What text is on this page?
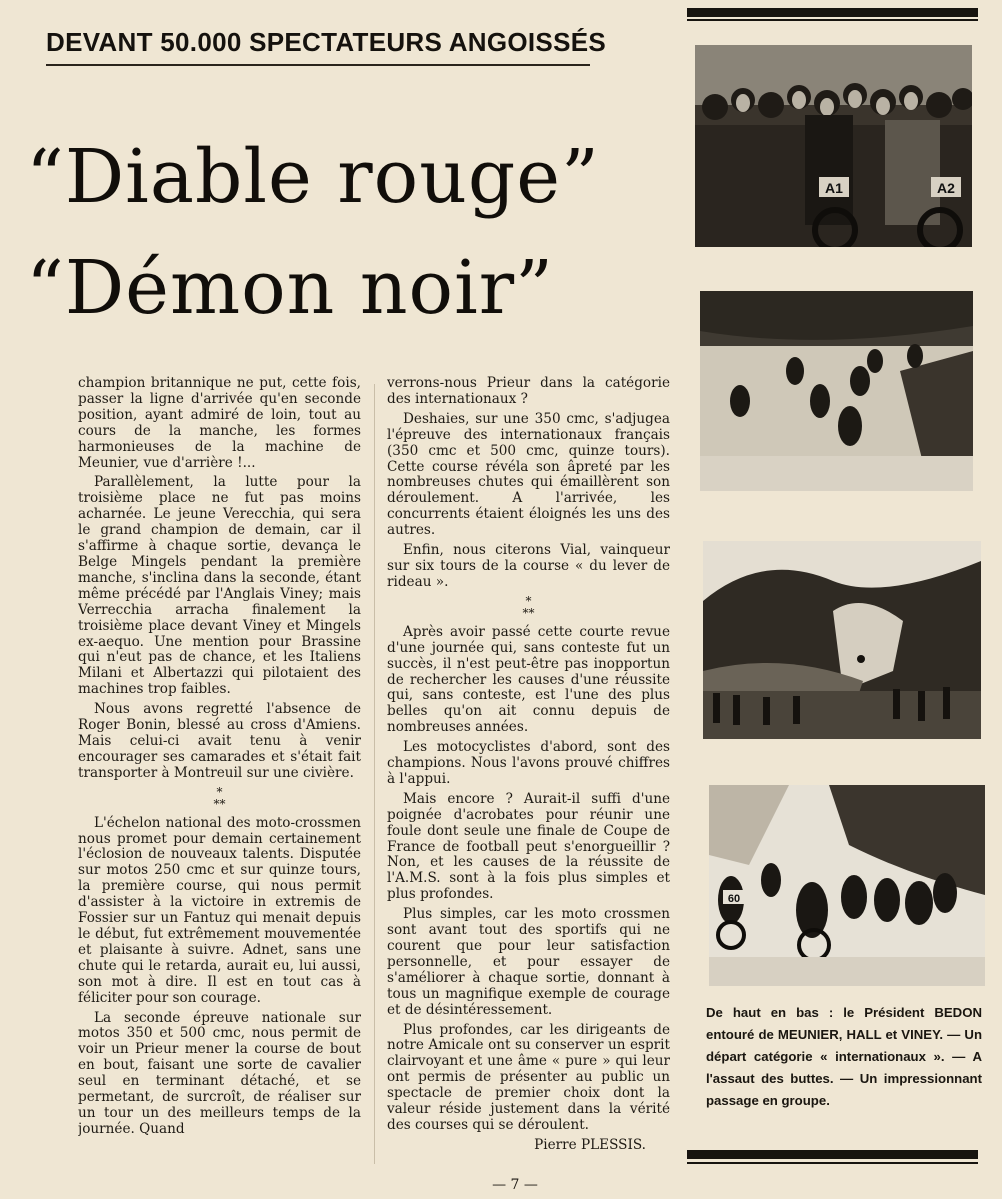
DEVANT 50.000 SPECTATEURS ANGOISSÉS
“Diable rouge”
“Démon noir”

champion britannique ne put, cette fois, passer la ligne d'arrivée qu'en seconde position, ayant admiré de loin, tout au cours de la manche, les formes harmonieuses de la machine de Meunier, vue d'arrière !...

Parallèlement, la lutte pour la troisième place ne fut pas moins acharnée. Le jeune Verecchia, qui sera le grand champion de demain, car il s'affirme à chaque sortie, devança le Belge Mingels pendant la première manche, s'inclina dans la seconde, étant même précédé par l'Anglais Viney; mais Verrecchia arracha finalement la troisième place devant Viney et Mingels ex-aequo. Une mention pour Brassine qui n'eut pas de chance, et les Italiens Milani et Albertazzi qui pilotaient des machines trop faibles.

Nous avons regretté l'absence de Roger Bonin, blessé au cross d'Amiens. Mais celui-ci avait tenu à venir encourager ses camarades et s'était fait transporter à Montreuil sur une civière.

*
**

L'échelon national des moto-crossmen nous promet pour demain certainement l'éclosion de nouveaux talents. Disputée sur motos 250 cmc et sur quinze tours, la première course, qui nous permit d'assister à la victoire in extremis de Fossier sur un Fantuz qui menait depuis le début, fut extrêmement mouvementée et plaisante à suivre. Adnet, sans une chute qui le retarda, aurait eu, lui aussi, son mot à dire. Il est en tout cas à féliciter pour son courage.

La seconde épreuve nationale sur motos 350 et 500 cmc, nous permit de voir un Prieur mener la course de bout en bout, faisant une sorte de cavalier seul en terminant détaché, et se permetant, de surcroît, de réaliser sur un tour un des meilleurs temps de la journée. Quand

verrons-nous Prieur dans la catégorie des internationaux ?

Deshaies, sur une 350 cmc, s'adjugea l'épreuve des internationaux français (350 cmc et 500 cmc, quinze tours). Cette course révéla son âpreté par les nombreuses chutes qui émaillèrent son déroulement. A l'arrivée, les concurrents étaient éloignés les uns des autres.

Enfin, nous citerons Vial, vainqueur sur six tours de la course « du lever de rideau ».

*
**

Après avoir passé cette courte revue d'une journée qui, sans conteste fut un succès, il n'est peut-être pas inopportun de rechercher les causes d'une réussite qui, sans conteste, est l'une des plus belles qu'on ait connu depuis de nombreuses années.

Les motocyclistes d'abord, sont des champions. Nous l'avons prouvé chiffres à l'appui.

Mais encore ? Aurait-il suffi d'une poignée d'acrobates pour réunir une foule dont seule une finale de Coupe de France de football peut s'enorgueillir ? Non, et les causes de la réussite de l'A.M.S. sont à la fois plus simples et plus profondes.

Plus simples, car les moto crossmen sont avant tout des sportifs qui ne courent que pour leur satisfaction personnelle, et pour essayer de s'améliorer à chaque sortie, donnant à tous un magnifique exemple de courage et de désintéressement.

Plus profondes, car les dirigeants de notre Amicale ont su conserver un esprit clairvoyant et une âme « pure » qui leur ont permis de présenter au public un spectacle de premier choix dont la valeur réside justement dans la vérité des courses qui se déroulent.

Pierre PLESSIS.

A1	A2
60
De haut en bas : le Président BEDON entouré de MEUNIER, HALL et VINEY. — Un départ catégorie « internationaux ». — A l'assaut des buttes. — Un impressionnant passage en groupe.
— 7 —
